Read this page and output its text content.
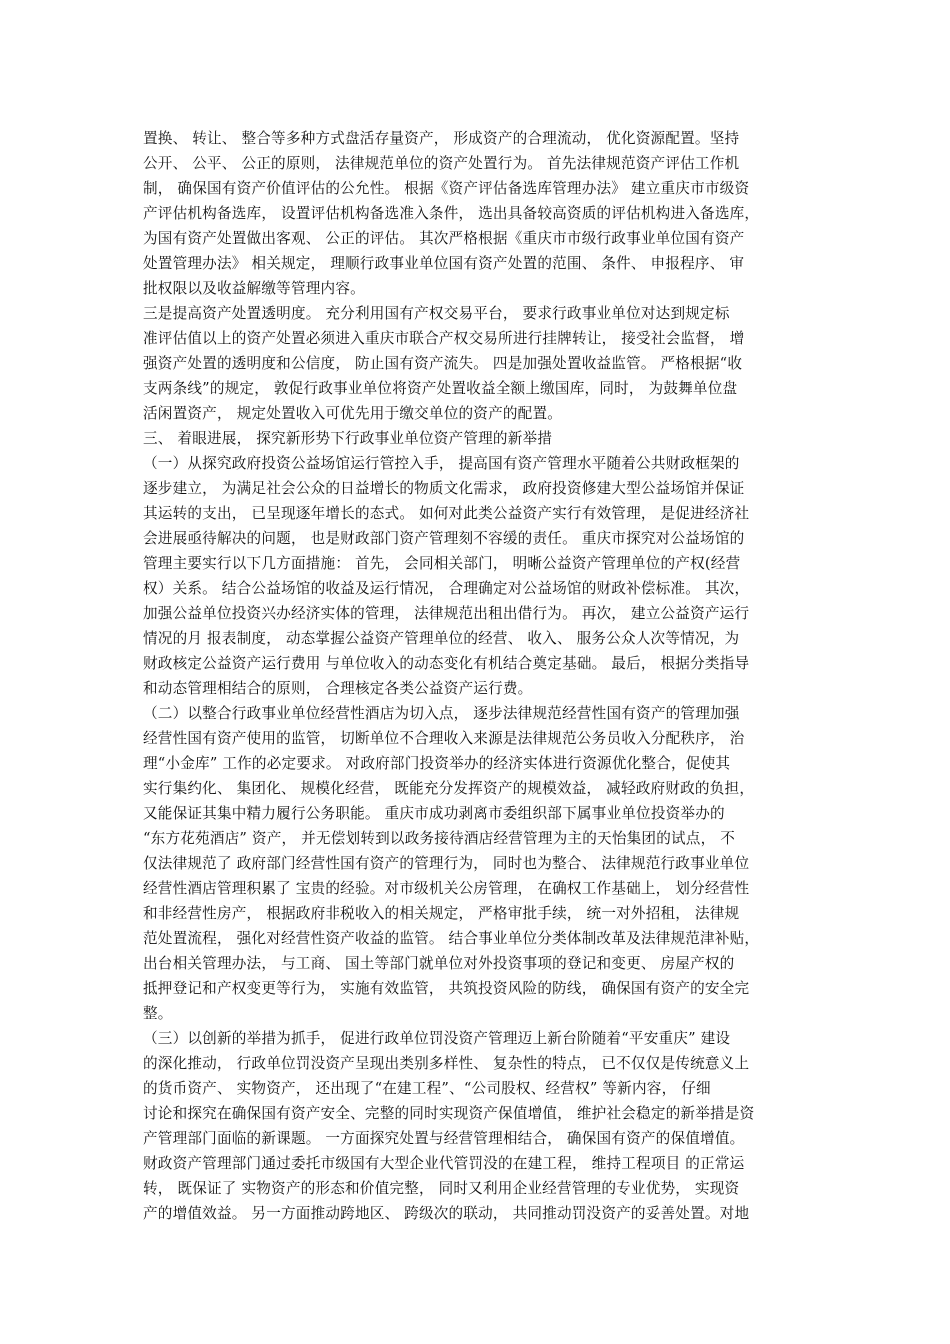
置换、 转让、 整合等多种方式盘活存量资产， 形成资产的合理流动， 优化资源配置。坚持
公开、 公平、 公正的原则， 法律规范单位的资产处置行为。 首先法律规范资产评估工作机
制， 确保国有资产价值评估的公允性。 根据《资产评估备选库管理办法》 建立重庆市市级资
产评估机构备选库， 设置评估机构备选准入条件， 选出具备较高资质的评估机构进入备选库，
为国有资产处置做出客观、 公正的评估。 其次严格根据《重庆市市级行政事业单位国有资产
处置管理办法》 相关规定， 理顺行政事业单位国有资产处置的范围、 条件、 申报程序、 审
批权限以及收益解缴等管理内容。
三是提高资产处置透明度。 充分利用国有产权交易平台， 要求行政事业单位对达到规定标
准评估值以上的资产处置必须进入重庆市联合产权交易所进行挂牌转让， 接受社会监督， 增
强资产处置的透明度和公信度， 防止国有资产流失。 四是加强处置收益监管。 严格根据“收
支两条线”的规定， 敦促行政事业单位将资产处置收益全额上缴国库，同时， 为鼓舞单位盘
活闲置资产， 规定处置收入可优先用于缴交单位的资产的配置。
三、 着眼进展， 探究新形势下行政事业单位资产管理的新举措
（一）从探究政府投资公益场馆运行管控入手， 提高国有资产管理水平随着公共财政框架的
逐步建立， 为满足社会公众的日益增长的物质文化需求， 政府投资修建大型公益场馆并保证
其运转的支出， 已呈现逐年增长的态式。 如何对此类公益资产实行有效管理， 是促进经济社
会进展亟待解决的问题， 也是财政部门资产管理刻不容缓的责任。 重庆市探究对公益场馆的
管理主要实行以下几方面措施： 首先， 会同相关部门， 明晰公益资产管理单位的产权(经营
权）关系。 结合公益场馆的收益及运行情况， 合理确定对公益场馆的财政补偿标准。 其次，
加强公益单位投资兴办经济实体的管理， 法律规范出租出借行为。 再次， 建立公益资产运行
情况的月 报表制度， 动态掌握公益资产管理单位的经营、 收入、 服务公众人次等情况，为
财政核定公益资产运行费用 与单位收入的动态变化有机结合奠定基础。 最后， 根据分类指导
和动态管理相结合的原则， 合理核定各类公益资产运行费。
（二）以整合行政事业单位经营性酒店为切入点， 逐步法律规范经营性国有资产的管理加强
经营性国有资产使用的监管， 切断单位不合理收入来源是法律规范公务员收入分配秩序， 治
理“小金库” 工作的必定要求。 对政府部门投资举办的经济实体进行资源优化整合，促使其
实行集约化、 集团化、 规模化经营， 既能充分发挥资产的规模效益， 减轻政府财政的负担，
又能保证其集中精力履行公务职能。 重庆市成功剥离市委组织部下属事业单位投资举办的
“东方花苑酒店” 资产， 并无偿划转到以政务接待酒店经营管理为主的天怡集团的试点， 不
仅法律规范了 政府部门经营性国有资产的管理行为， 同时也为整合、 法律规范行政事业单位
经营性酒店管理积累了 宝贵的经验。对市级机关公房管理， 在确权工作基础上， 划分经营性
和非经营性房产， 根据政府非税收入的相关规定， 严格审批手续， 统一对外招租， 法律规
范处置流程， 强化对经营性资产收益的监管。 结合事业单位分类体制改革及法律规范津补贴，
出台相关管理办法， 与工商、 国土等部门就单位对外投资事项的登记和变更、 房屋产权的
抵押登记和产权变更等行为， 实施有效监管， 共筑投资风险的防线， 确保国有资产的安全完
整。
（三）以创新的举措为抓手， 促进行政单位罚没资产管理迈上新台阶随着“平安重庆” 建设
的深化推动， 行政单位罚没资产呈现出类别多样性、 复杂性的特点， 已不仅仅是传统意义上
的货币资产、 实物资产， 还出现了“在建工程”、“公司股权、经营权” 等新内容， 仔细
讨论和探究在确保国有资产安全、完整的同时实现资产保值增值， 维护社会稳定的新举措是资
产管理部门面临的新课题。 一方面探究处置与经营管理相结合， 确保国有资产的保值增值。
财政资产管理部门通过委托市级国有大型企业代管罚没的在建工程， 维持工程项目 的正常运
转， 既保证了 实物资产的形态和价值完整， 同时又利用企业经营管理的专业优势， 实现资
产的增值效益。 另一方面推动跨地区、 跨级次的联动， 共同推动罚没资产的妥善处置。对地
